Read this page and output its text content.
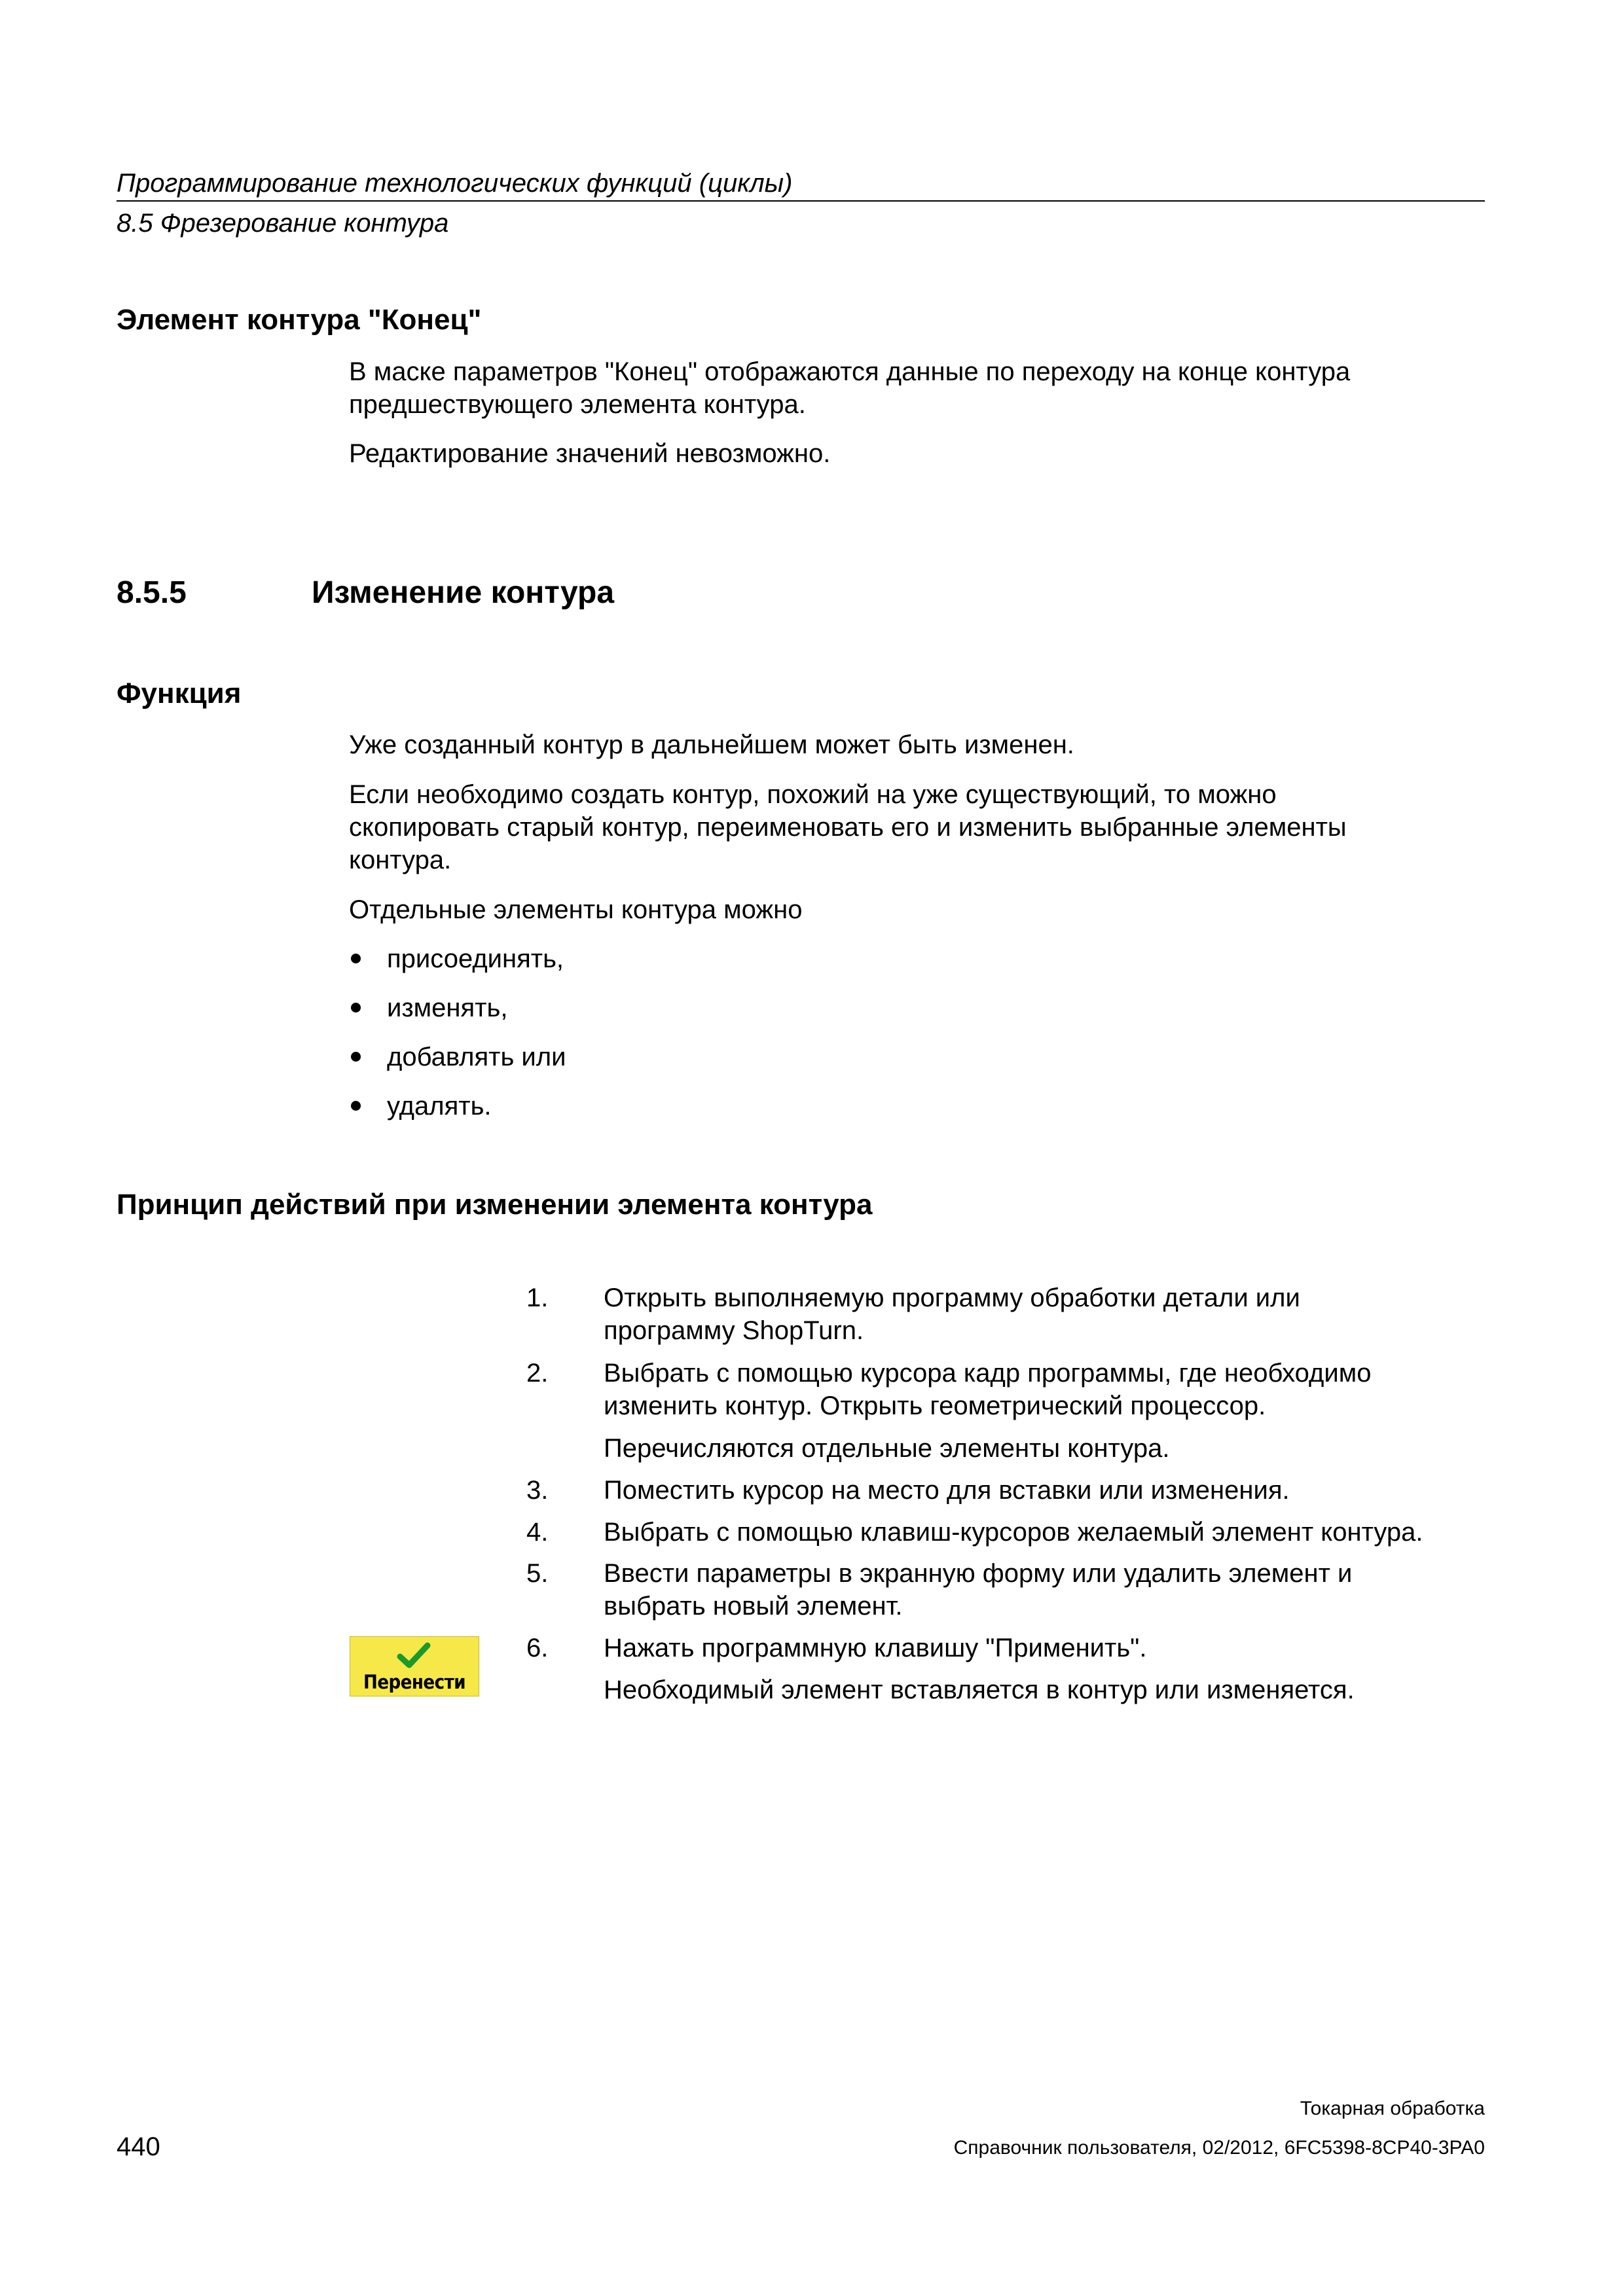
Программирование технологических функций (циклы)
8.5 Фрезерование контура
Элемент контура "Конец"
В маске параметров "Конец" отображаются данные по переходу на конце контура
предшествующего элемента контура.
Редактирование значений невозможно.
8.5.5	Изменение контура
Функция
Уже созданный контур в дальнейшем может быть изменен.
Если необходимо создать контур, похожий на уже существующий, то можно
скопировать старый контур, переименовать его и изменить выбранные элементы
контура.
Отдельные элементы контура можно
присоединять,
изменять,
добавлять или
удалять.
Принцип действий при изменении элемента контура
1. Открыть выполняемую программу обработки детали или
программу ShopTurn.
2. Выбрать с помощью курсора кадр программы, где необходимо
изменить контур. Открыть геометрический процессор.
Перечисляются отдельные элементы контура.
3. Поместить курсор на место для вставки или изменения.
4. Выбрать с помощью клавиш-курсоров желаемый элемент контура.
5. Ввести параметры в экранную форму или удалить элемент и
выбрать новый элемент.
6. Нажать программную клавишу "Применить".
Необходимый элемент вставляется в контур или изменяется.
Перенести
Токарная обработка
440	Справочник пользователя, 02/2012, 6FC5398-8CP40-3PA0
